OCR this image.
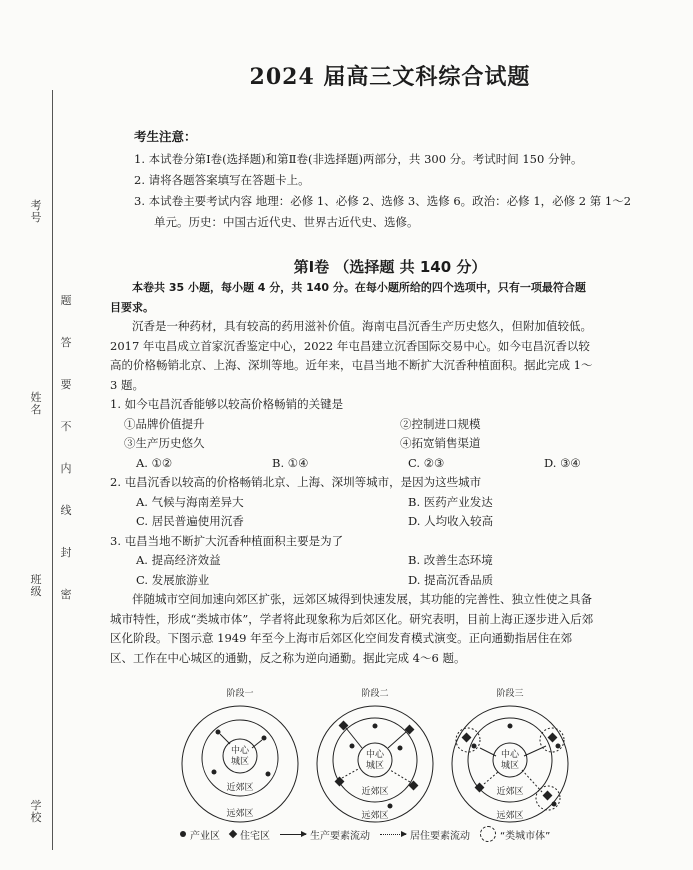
考号
姓名
班级
学校
题
答
要
不
内
线
封
密
2024 届高三文科综合试题
考生注意：
1. 本试卷分第Ⅰ卷(选择题)和第Ⅱ卷(非选择题)两部分，共 300 分。考试时间 150 分钟。
2. 请将各题答案填写在答题卡上。
3. 本试卷主要考试内容 地理：必修 1、必修 2、选修 3、选修 6。政治：必修 1，必修 2 第 1～2
单元。历史：中国古近代史、世界古近代史、选修。
第Ⅰ卷 （选择题 共 140 分）

本卷共 35 小题，每小题 4 分，共 140 分。在每小题所给的四个选项中，只有一项最符合题

目要求。

沉香是一种药材，具有较高的药用滋补价值。海南屯昌沉香生产历史悠久，但附加值较低。

2017 年屯昌成立首家沉香鉴定中心，2022 年屯昌建立沉香国际交易中心。如今屯昌沉香以较

高的价格畅销北京、上海、深圳等地。近年来，屯昌当地不断扩大沉香种植面积。据此完成 1～

3 题。

1. 如今屯昌沉香能够以较高价格畅销的关键是

①品牌价值提升	②控制进口规模
③生产历史悠久	④拓宽销售渠道
A. ①②	B. ①④	C. ②③	D. ③④

2. 屯昌沉香以较高的价格畅销北京、上海、深圳等城市，是因为这些城市

A. 气候与海南差异大	B. 医药产业发达
C. 居民普遍使用沉香	D. 人均收入较高

3. 屯昌当地不断扩大沉香种植面积主要是为了

A. 提高经济效益	B. 改善生态环境
C. 发展旅游业	D. 提高沉香品质

伴随城市空间加速向郊区扩张，远郊区城得到快速发展，其功能的完善性、独立性使之具备

城市特性，形成“类城市体”，学者将此现象称为后郊区化。研究表明，目前上海正逐步进入后郊

区化阶段。下图示意 1949 年至今上海市后郊区化空间发育模式演变。正向通勤指居住在郊

区、工作在中心城区的通勤，反之称为逆向通勤。据此完成 4～6 题。

阶段一
中心
城区
近郊区
远郊区
阶段二
中心
城区
近郊区
远郊区
阶段三
中心
城区
近郊区
远郊区
产业区 住宅区	生产要素流动	居住要素流动	“类城市体”
